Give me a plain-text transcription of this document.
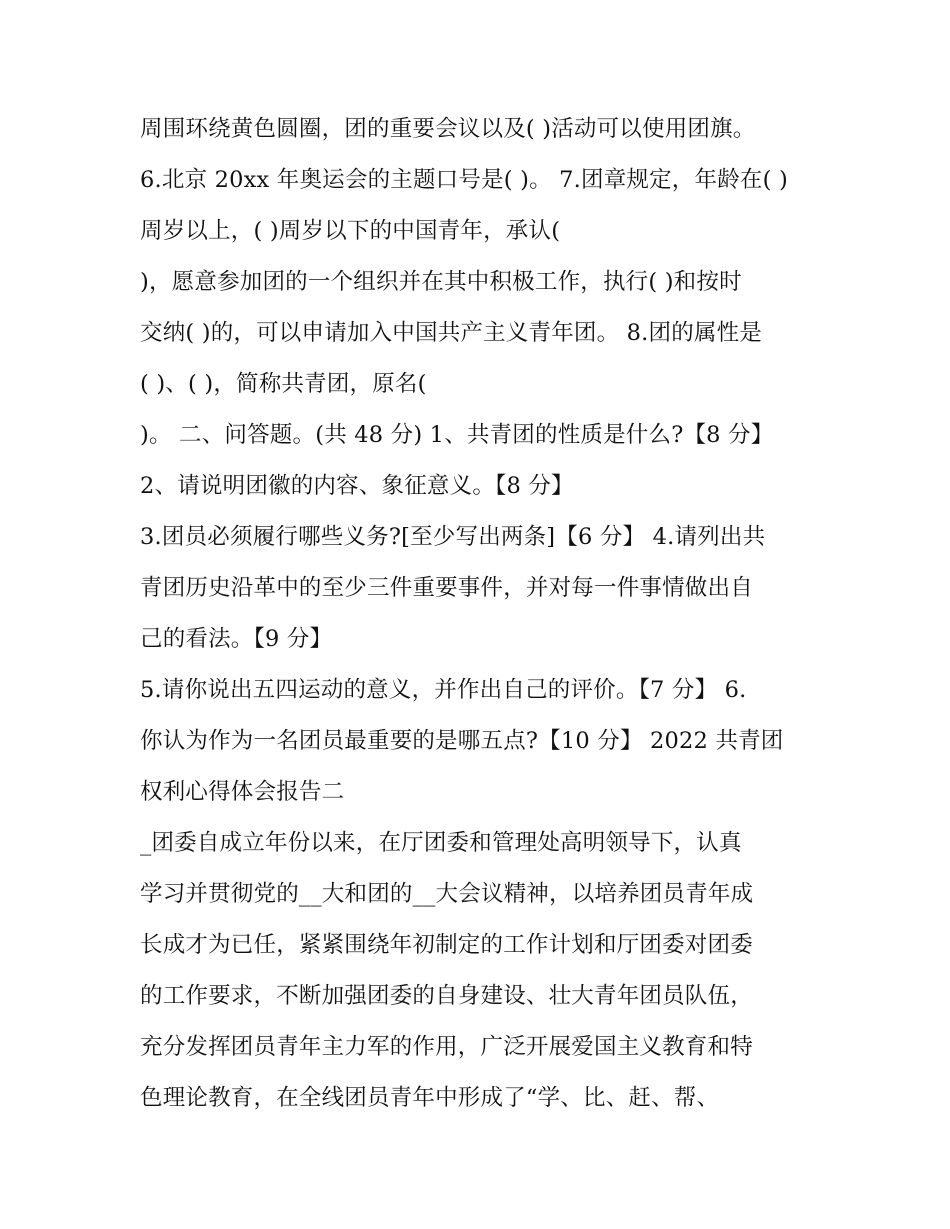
周围环绕黄色圆圈，团的重要会议以及( )活动可以使用团旗。
6.北京 20xx 年奥运会的主题口号是( )。 7.团章规定，年龄在( )
周岁以上，( )周岁以下的中国青年，承认(
)，愿意参加团的一个组织并在其中积极工作，执行( )和按时
交纳( )的，可以申请加入中国共产主义青年团。 8.团的属性是
( )、( )，简称共青团，原名(
)。 二、问答题。(共 48 分) 1、共青团的性质是什么?【8 分】
2、请说明团徽的内容、象征意义。【8 分】
3.团员必须履行哪些义务?[至少写出两条]【6 分】 4.请列出共
青团历史沿革中的至少三件重要事件，并对每一件事情做出自
己的看法。【9 分】
5.请你说出五四运动的意义，并作出自己的评价。【7 分】 6.
你认为作为一名团员最重要的是哪五点?【10 分】 2022 共青团
权利心得体会报告二
_团委自成立年份以来，在厅团委和管理处高明领导下，认真
学习并贯彻党的__大和团的__大会议精神，以培养团员青年成
长成才为已任，紧紧围绕年初制定的工作计划和厅团委对团委
的工作要求，不断加强团委的自身建设、壮大青年团员队伍，
充分发挥团员青年主力军的作用，广泛开展爱国主义教育和特
色理论教育，在全线团员青年中形成了“学、比、赶、帮、
